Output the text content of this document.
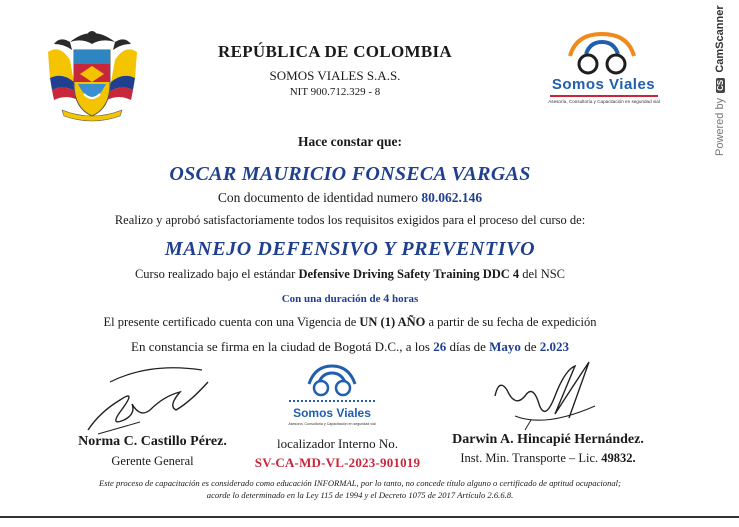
REPÚBLICA DE COLOMBIA
SOMOS VIALES S.A.S.
NIT 900.712.329 - 8	Somos Viales
Asesoría, Consultoría y Capacitación en seguridad vial
Hace constar que:
OSCAR MAURICIO FONSECA VARGAS
Con documento de identidad numero 80.062.146
Realizo y aprobó satisfactoriamente todos los requisitos exigidos para el proceso del curso de:
MANEJO DEFENSIVO Y PREVENTIVO
Curso realizado bajo el estándar Defensive Driving Safety Training DDC 4 del NSC
Con una duración de 4 horas
El presente certificado cuenta con una Vigencia de UN (1) AÑO a partir de su fecha de expedición
En constancia se firma en la ciudad de Bogotá D.C., a los 26 días de Mayo de 2.023
Somos Viales
Asesoría, Consultoría y Capacitación en seguridad vial
Norma C. Castillo Pérez.
Gerente General
localizador Interno No.
SV-CA-MD-VL-2023-901019
Darwin A. Hincapié Hernández.
Inst. Min. Transporte – Lic. 49832.
Este proceso de capacitación es considerado como educación INFORMAL, por lo tanto, no concede título alguno o certificado de aptitud ocupacional;
acorde lo determinado en la Ley 115 de 1994 y el Decreto 1075 de 2017 Artículo 2.6.6.8.
Powered by CS CamScanner
